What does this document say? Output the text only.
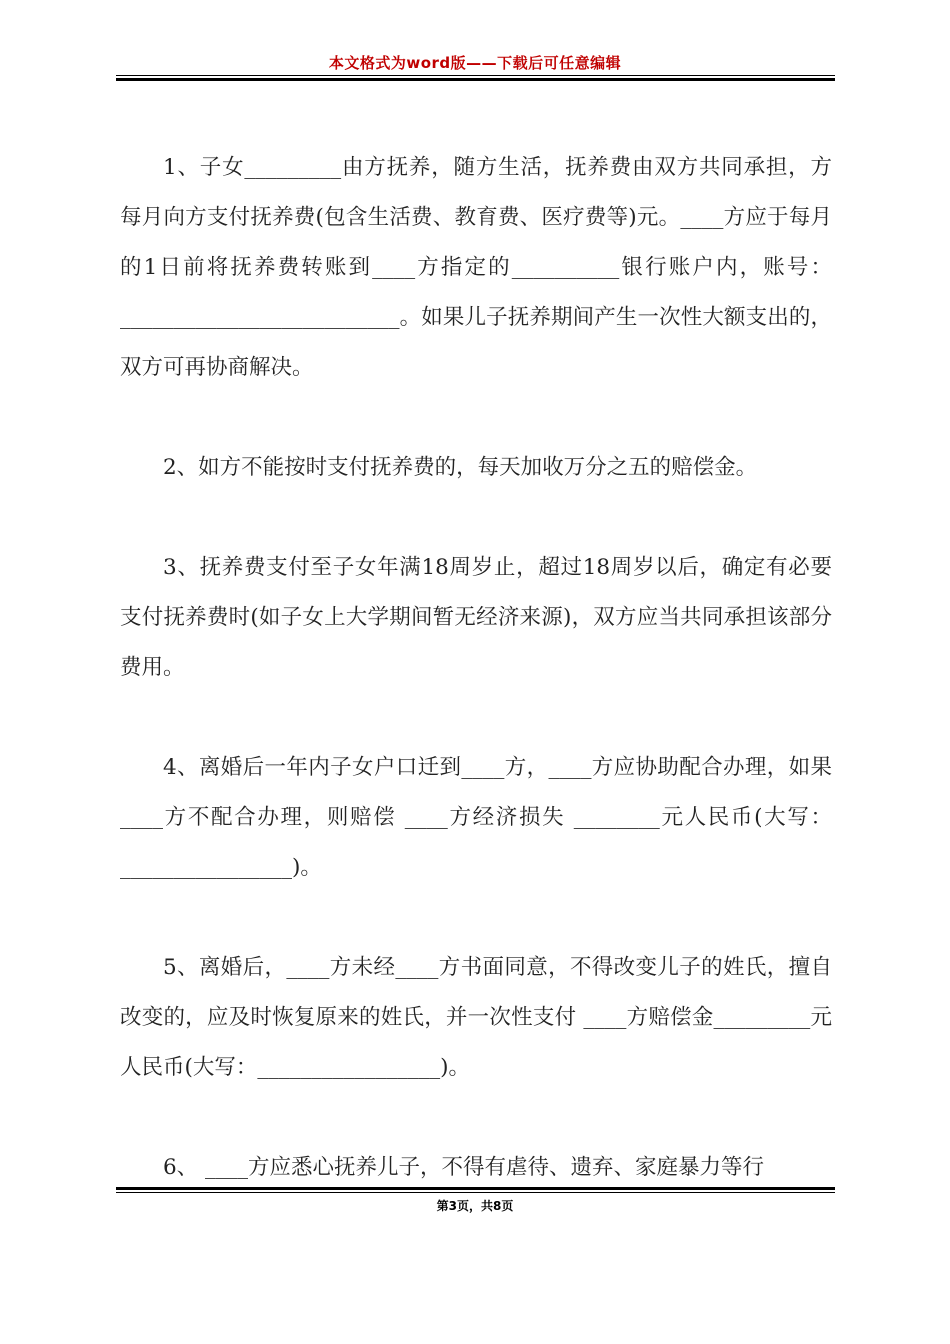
本文格式为word版——下载后可任意编辑

1、子女_________由方抚养，随方生活，抚养费由双方共同承担，方每月向方支付抚养费(包含生活费、教育费、医疗费等)元。____方应于每月的1日前将抚养费转账到____方指定的__________银行账户内，账号：__________________________。如果儿子抚养期间产生一次性大额支出的，双方可再协商解决。

2、如方不能按时支付抚养费的，每天加收万分之五的赔偿金。

3、抚养费支付至子女年满18周岁止，超过18周岁以后，确定有必要支付抚养费时(如子女上大学期间暂无经济来源)，双方应当共同承担该部分费用。

4、离婚后一年内子女户口迁到____方，____方应协助配合办理，如果____方不配合办理，则赔偿 ____方经济损失 ________元人民币(大写：________________)。

5、离婚后，____方未经____方书面同意，不得改变儿子的姓氏，擅自改变的，应及时恢复原来的姓氏，并一次性支付 ____方赔偿金_________元人民币(大写：_________________)。

6、 ____方应悉心抚养儿子，不得有虐待、遗弃、家庭暴力等行

第3页，共8页
